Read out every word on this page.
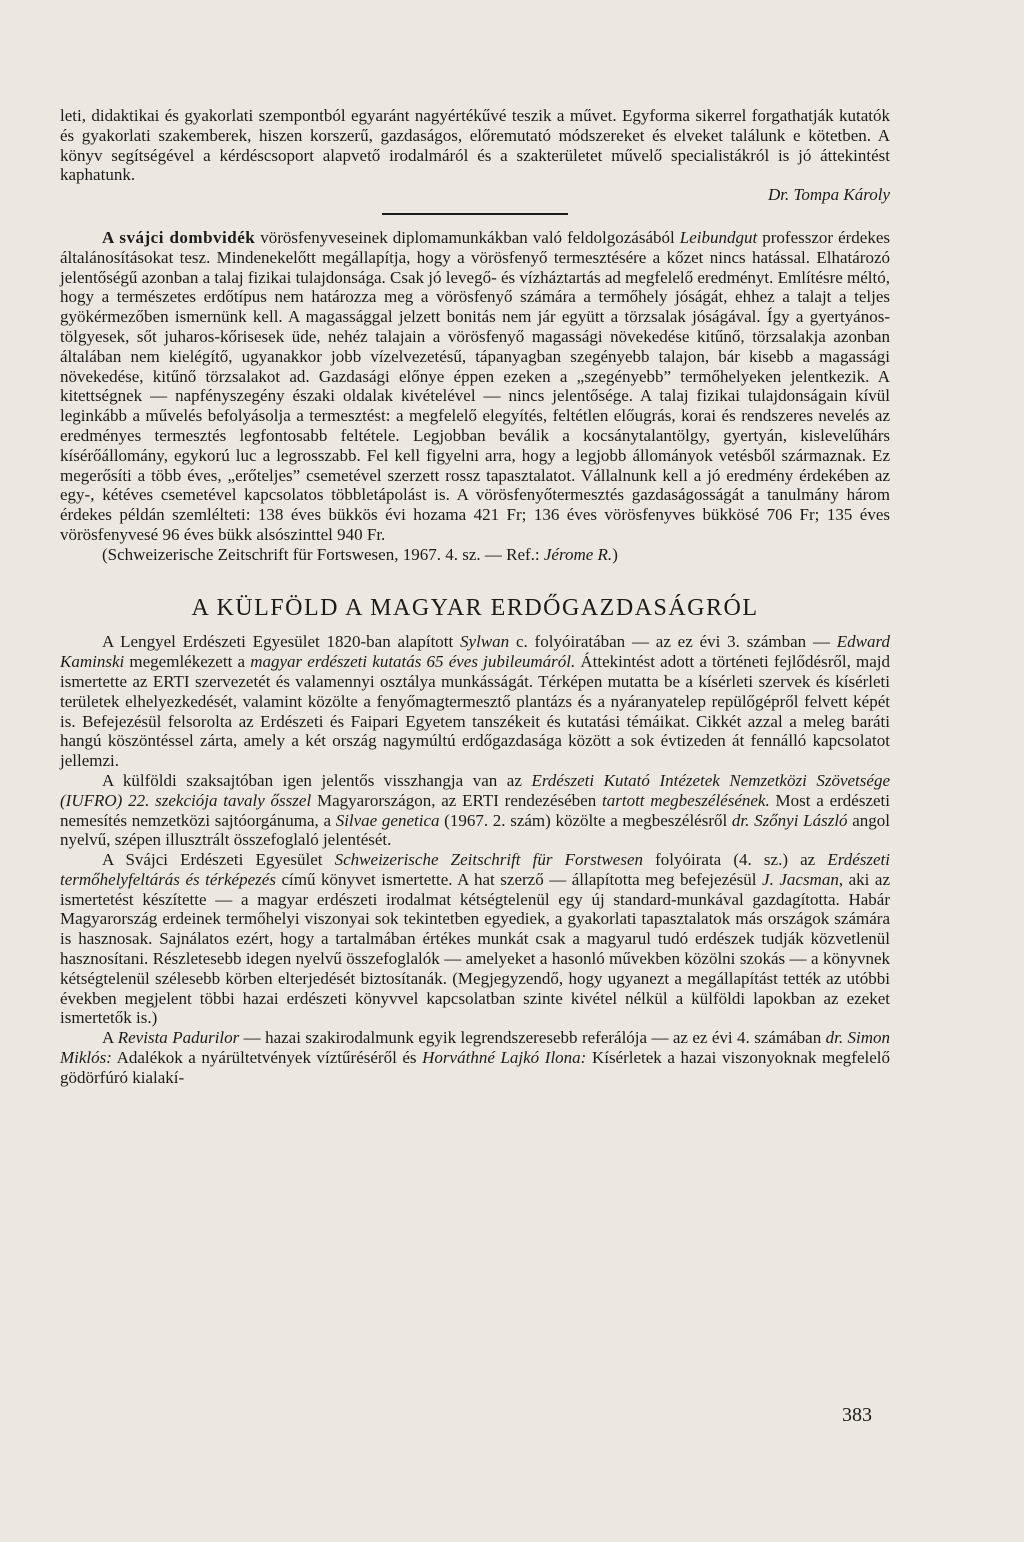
leti, didaktikai és gyakorlati szempontból egyaránt nagyértékűvé teszik a művet. Egyforma sikerrel forgathatják kutatók és gyakorlati szakemberek, hiszen korszerű, gazdaságos, előremutató módszereket és elveket találunk e kötetben. A könyv segítségével a kérdéscsoport alapvető irodalmáról és a szakterületet művelő specialistákról is jó áttekintést kaphatunk.

Dr. Tompa Károly

A svájci dombvidék vörösfenyveseinek diplomamunkákban való feldolgozásából Leibundgut professzor érdekes általánosításokat tesz. Mindenekelőtt megállapítja, hogy a vörösfenyő termesztésére a kőzet nincs hatással. Elhatározó jelentőségű azonban a talaj fizikai tulajdonsága. Csak jó levegő- és vízháztartás ad megfelelő eredményt. Említésre méltó, hogy a természetes erdőtípus nem határozza meg a vörösfenyő számára a termőhely jóságát, ehhez a talajt a teljes gyökérmezőben ismernünk kell. A magassággal jelzett bonitás nem jár együtt a törzsalak jóságával. Így a gyertyános-tölgyesek, sőt juharos-kőrisesek üde, nehéz talajain a vörösfenyő magassági növekedése kitűnő, törzsalakja azonban általában nem kielégítő, ugyanakkor jobb vízelvezetésű, tápanyagban szegényebb talajon, bár kisebb a magassági növekedése, kitűnő törzsalakot ad. Gazdasági előnye éppen ezeken a „szegényebb” termőhelyeken jelentkezik. A kitettségnek — napfényszegény északi oldalak kivételével — nincs jelentősége. A talaj fizikai tulajdonságain kívül leginkább a művelés befolyásolja a termesztést: a megfelelő elegyítés, feltétlen előugrás, korai és rendszeres nevelés az eredményes termesztés legfontosabb feltétele. Legjobban beválik a kocsánytalantölgy, gyertyán, kislevelűhárs kísérőállomány, egykorú luc a legrosszabb. Fel kell figyelni arra, hogy a legjobb állományok vetésből származnak. Ez megerősíti a több éves, „erőteljes” csemetével szerzett rossz tapasztalatot. Vállalnunk kell a jó eredmény érdekében az egy-, kétéves csemetével kapcsolatos többletápolást is. A vörösfenyőtermesztés gazdaságosságát a tanulmány három érdekes példán szemlélteti: 138 éves bükkös évi hozama 421 Fr; 136 éves vörösfenyves bükkösé 706 Fr; 135 éves vörösfenyvesé 96 éves bükk alsószinttel 940 Fr.

(Schweizerische Zeitschrift für Fortswesen, 1967. 4. sz. — Ref.: Jérome R.)

A KÜLFÖLD A MAGYAR ERDŐGAZDASÁGRÓL

A Lengyel Erdészeti Egyesület 1820-ban alapított Sylwan c. folyóiratában — az ez évi 3. számban — Edward Kaminski megemlékezett a magyar erdészeti kutatás 65 éves jubileumáról. Áttekintést adott a történeti fejlődésről, majd ismertette az ERTI szervezetét és valamennyi osztálya munkásságát. Térképen mutatta be a kísérleti szervek és kísérleti területek elhelyezkedését, valamint közölte a fenyőmagtermesztő plantázs és a nyáranyatelep repülőgépről felvett képét is. Befejezésül felsorolta az Erdészeti és Faipari Egyetem tanszékeit és kutatási témáikat. Cikkét azzal a meleg baráti hangú köszöntéssel zárta, amely a két ország nagymúltú erdőgazdasága között a sok évtizeden át fennálló kapcsolatot jellemzi.

A külföldi szaksajtóban igen jelentős visszhangja van az Erdészeti Kutató Intézetek Nemzetközi Szövetsége (IUFRO) 22. szekciója tavaly ősszel Magyarországon, az ERTI rendezésében tartott megbeszélésének. Most a erdészeti nemesítés nemzetközi sajtóorgánuma, a Silvae genetica (1967. 2. szám) közölte a megbeszélésről dr. Szőnyi László angol nyelvű, szépen illusztrált összefoglaló jelentését.

A Svájci Erdészeti Egyesület Schweizerische Zeitschrift für Forstwesen folyóirata (4. sz.) az Erdészeti termőhelyfeltárás és térképezés című könyvet ismertette. A hat szerző — állapította meg befejezésül J. Jacsman, aki az ismertetést készítette — a magyar erdészeti irodalmat kétségtelenül egy új standard-munkával gazdagította. Habár Magyarország erdeinek termőhelyi viszonyai sok tekintetben egyediek, a gyakorlati tapasztalatok más országok számára is hasznosak. Sajnálatos ezért, hogy a tartalmában értékes munkát csak a magyarul tudó erdészek tudják közvetlenül hasznosítani. Részletesebb idegen nyelvű összefoglalók — amelyeket a hasonló művekben közölni szokás — a könyvnek kétségtelenül szélesebb körben elterjedését biztosítanák. (Megjegyzendő, hogy ugyanezt a megállapítást tették az utóbbi években megjelent többi hazai erdészeti könyvvel kapcsolatban szinte kivétel nélkül a külföldi lapokban az ezeket ismertetők is.)

A Revista Padurilor — hazai szakirodalmunk egyik legrendszeresebb referálója — az ez évi 4. számában dr. Simon Miklós: Adalékok a nyárültetvények víztűréséről és Horváthné Lajkó Ilona: Kísérletek a hazai viszonyoknak megfelelő gödörfúró kialakí-

383
